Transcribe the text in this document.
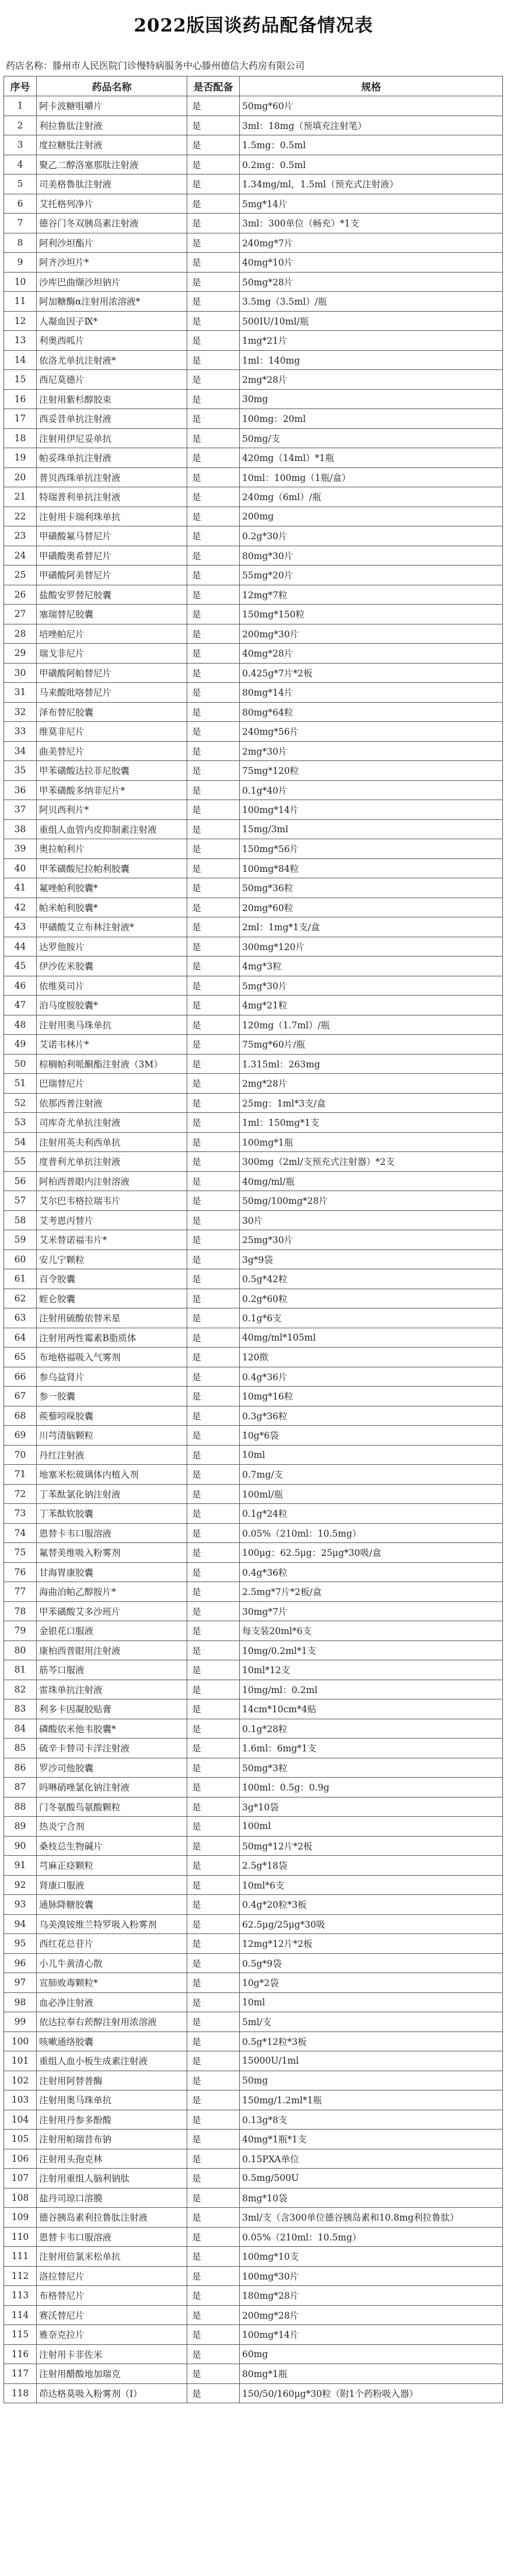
2022版国谈药品配备情况表
药店名称：滕州市人民医院门诊慢特病服务中心滕州德信大药房有限公司
序号	药品名称	是否配备	规格
1	阿卡波糖咀嚼片	是	50mg*60片
2	利拉鲁肽注射液	是	3ml：18mg（预填充注射笔）
3	度拉糖肽注射液	是	1.5mg：0.5ml
4	聚乙二醇洛塞那肽注射液	是	0.2mg：0.5ml
5	司美格鲁肽注射液	是	1.34mg/ml，1.5ml（预充式注射液）
6	艾托格列净片	是	5mg*14片
7	德谷门冬双胰岛素注射液	是	3ml：300单位（畅充）*1支
8	阿利沙坦酯片	是	240mg*7片
9	阿齐沙坦片*	是	40mg*10片
10	沙库巴曲缬沙坦钠片	是	50mg*28片
11	阿加糖酶α注射用浓溶液*	是	3.5mg（3.5ml）/瓶
12	人凝血因子Ⅸ*	是	500IU/10ml/瓶
13	利奥西呱片	是	1mg*21片
14	依洛尤单抗注射液*	是	1ml：140mg
15	西尼莫德片	是	2mg*28片
16	注射用紫杉醇胶束	是	30mg
17	西妥昔单抗注射液	是	100mg：20ml
18	注射用伊尼妥单抗	是	50mg/支
19	帕妥珠单抗注射液	是	420mg（14ml）*1瓶
20	普贝西珠单抗注射液	是	10ml：100mg（1瓶/盒）
21	特瑞普利单抗注射液	是	240mg（6ml）/瓶
22	注射用卡瑞利珠单抗	是	200mg
23	甲磺酸氟马替尼片	是	0.2g*30片
24	甲磺酸奥希替尼片	是	80mg*30片
25	甲磺酸阿美替尼片	是	55mg*20片
26	盐酸安罗替尼胶囊	是	12mg*7粒
27	塞瑞替尼胶囊	是	150mg*150粒
28	培唑帕尼片	是	200mg*30片
29	瑞戈非尼片	是	40mg*28片
30	甲磺酸阿帕替尼片	是	0.425g*7片*2板
31	马来酸吡咯替尼片	是	80mg*14片
32	泽布替尼胶囊	是	80mg*64粒
33	维莫非尼片	是	240mg*56片
34	曲美替尼片	是	2mg*30片
35	甲苯磺酸达拉非尼胶囊	是	75mg*120粒
36	甲苯磺酸多纳非尼片*	是	0.1g*40片
37	阿贝西利片*	是	100mg*14片
38	重组人血管内皮抑制素注射液	是	15mg/3ml
39	奥拉帕利片	是	150mg*56片
40	甲苯磺酸尼拉帕利胶囊	是	100mg*84粒
41	氟唑帕利胶囊*	是	50mg*36粒
42	帕米帕利胶囊*	是	20mg*60粒
43	甲磺酸艾立布林注射液*	是	2ml：1mg*1支/盒
44	达罗他胺片	是	300mg*120片
45	伊沙佐米胶囊	是	4mg*3粒
46	依维莫司片	是	5mg*30片
47	泊马度胺胶囊*	是	4mg*21粒
48	注射用奥马珠单抗	是	120mg（1.7ml）/瓶
49	艾诺韦林片*	是	75mg*60片/瓶
50	棕榈帕利哌酮酯注射液（3M）	是	1.315ml：263mg
51	巴瑞替尼片	是	2mg*28片
52	依那西普注射液	是	25mg：1ml*3支/盒
53	司库奇尤单抗注射液	是	1ml：150mg*1支
54	注射用英夫利西单抗	是	100mg*1瓶
55	度普利尤单抗注射液	是	300mg（2ml/支预充式注射器）*2支
56	阿柏西普眼内注射溶液	是	40mg/ml/瓶
57	艾尔巴韦格拉瑞韦片	是	50mg/100mg*28片
58	艾考恩丙替片	是	30片
59	艾米替诺福韦片*	是	25mg*30片
60	安儿宁颗粒	是	3g*9袋
61	百令胶囊	是	0.5g*42粒
62	蛭仑胶囊	是	0.2g*60粒
63	注射用硫酸依替米星	是	0.1g*6支
64	注射用两性霉素B脂质体	是	40mg/ml*105ml
65	布地格福吸入气雾剂	是	120揿
66	参乌益肾片	是	0.4g*36片
67	参一胶囊	是	10mg*16粒
68	蒺藜吲哚胶囊	是	0.3g*36粒
69	川芎清脑颗粒	是	10g*6袋
70	丹红注射液	是	10ml
71	地塞米松玻璃体内植入剂	是	0.7mg/支
72	丁苯酞氯化钠注射液	是	100ml/瓶
73	丁苯酞软胶囊	是	0.1g*24粒
74	恩替卡韦口服溶液	是	0.05%（210ml：10.5mg）
75	氟替美维吸入粉雾剂	是	100μg：62.5μg：25μg*30吸/盒
76	甘海胃康胶囊	是	0.4g*36粒
77	海曲泊帕乙醇胺片*	是	2.5mg*7片*2板/盒
78	甲苯磺酸艾多沙班片	是	30mg*7片
79	金银花口服液	是	每支装20ml*6支
80	康柏西普眼用注射液	是	10mg/0.2ml*1支
81	筋芩口服液	是	10ml*12支
82	雷珠单抗注射液	是	10mg/ml：0.2ml
83	利多卡因凝胶贴膏	是	14cm*10cm*4贴
84	磷酸依米他韦胶囊*	是	0.1g*28粒
85	硫辛卡替司卡洋注射液	是	1.6ml：6mg*1支
86	罗沙司他胶囊	是	50mg*3粒
87	吗啉硝唑氯化钠注射液	是	100ml：0.5g：0.9g
88	门冬氨酸鸟氨酸颗粒	是	3g*10袋
89	热炎宁合剂	是	100ml
90	桑枝总生物碱片	是	50mg*12片*2板
91	芎麻正痉颗粒	是	2.5g*18袋
92	肾康口服液	是	10ml*6支
93	通脉降糖胶囊	是	0.4g*20粒*3板
94	乌美溴铵维兰特罗吸入粉雾剂	是	62.5μg/25μg*30吸
95	西红花总苷片	是	12mg*12片*2板
96	小儿牛黄清心散	是	0.5g*9袋
97	宣肺败毒颗粒*	是	10g*2袋
98	血必净注射液	是	10ml
99	依达拉奉右莰醇注射用浓溶液	是	5ml/支
100	咳嗽通络胶囊	是	0.5g*12粒*3板
101	重组人血小板生成素注射液	是	15000U/1ml
102	注射用阿替普酶	是	50mg
103	注射用奥马珠单抗	是	150mg/1.2ml*1瓶
104	注射用丹参多酚酸	是	0.13g*8支
105	注射用帕瑞昔布钠	是	40mg*1瓶*1支
106	注射用头孢克林	是	0.15PXA单位
107	注射用重组人脑利钠肽	是	0.5mg/500U
108	盐丹司琼口溶膜	是	8mg*10袋
109	德谷胰岛素利拉鲁肽注射液	是	3ml/支（含300单位德谷胰岛素和10.8mg利拉鲁肽）
110	恩替卡韦口服溶液	是	0.05%（210ml：10.5mg）
111	注射用倍氯米松单抗	是	100mg*10支
112	洛拉替尼片	是	100mg*30片
113	布格替尼片	是	180mg*28片
114	赛沃替尼片	是	200mg*28片
115	雅奈克拉片	是	100mg*14片
116	注射用卡非佐米	是	60mg
117	注射用醋酸地加瑞克	是	80mg*1瓶
118	茚达格莫吸入粉雾剂（Ⅰ）	是	150/50/160μg*30粒（附1个药粉吸入器）
